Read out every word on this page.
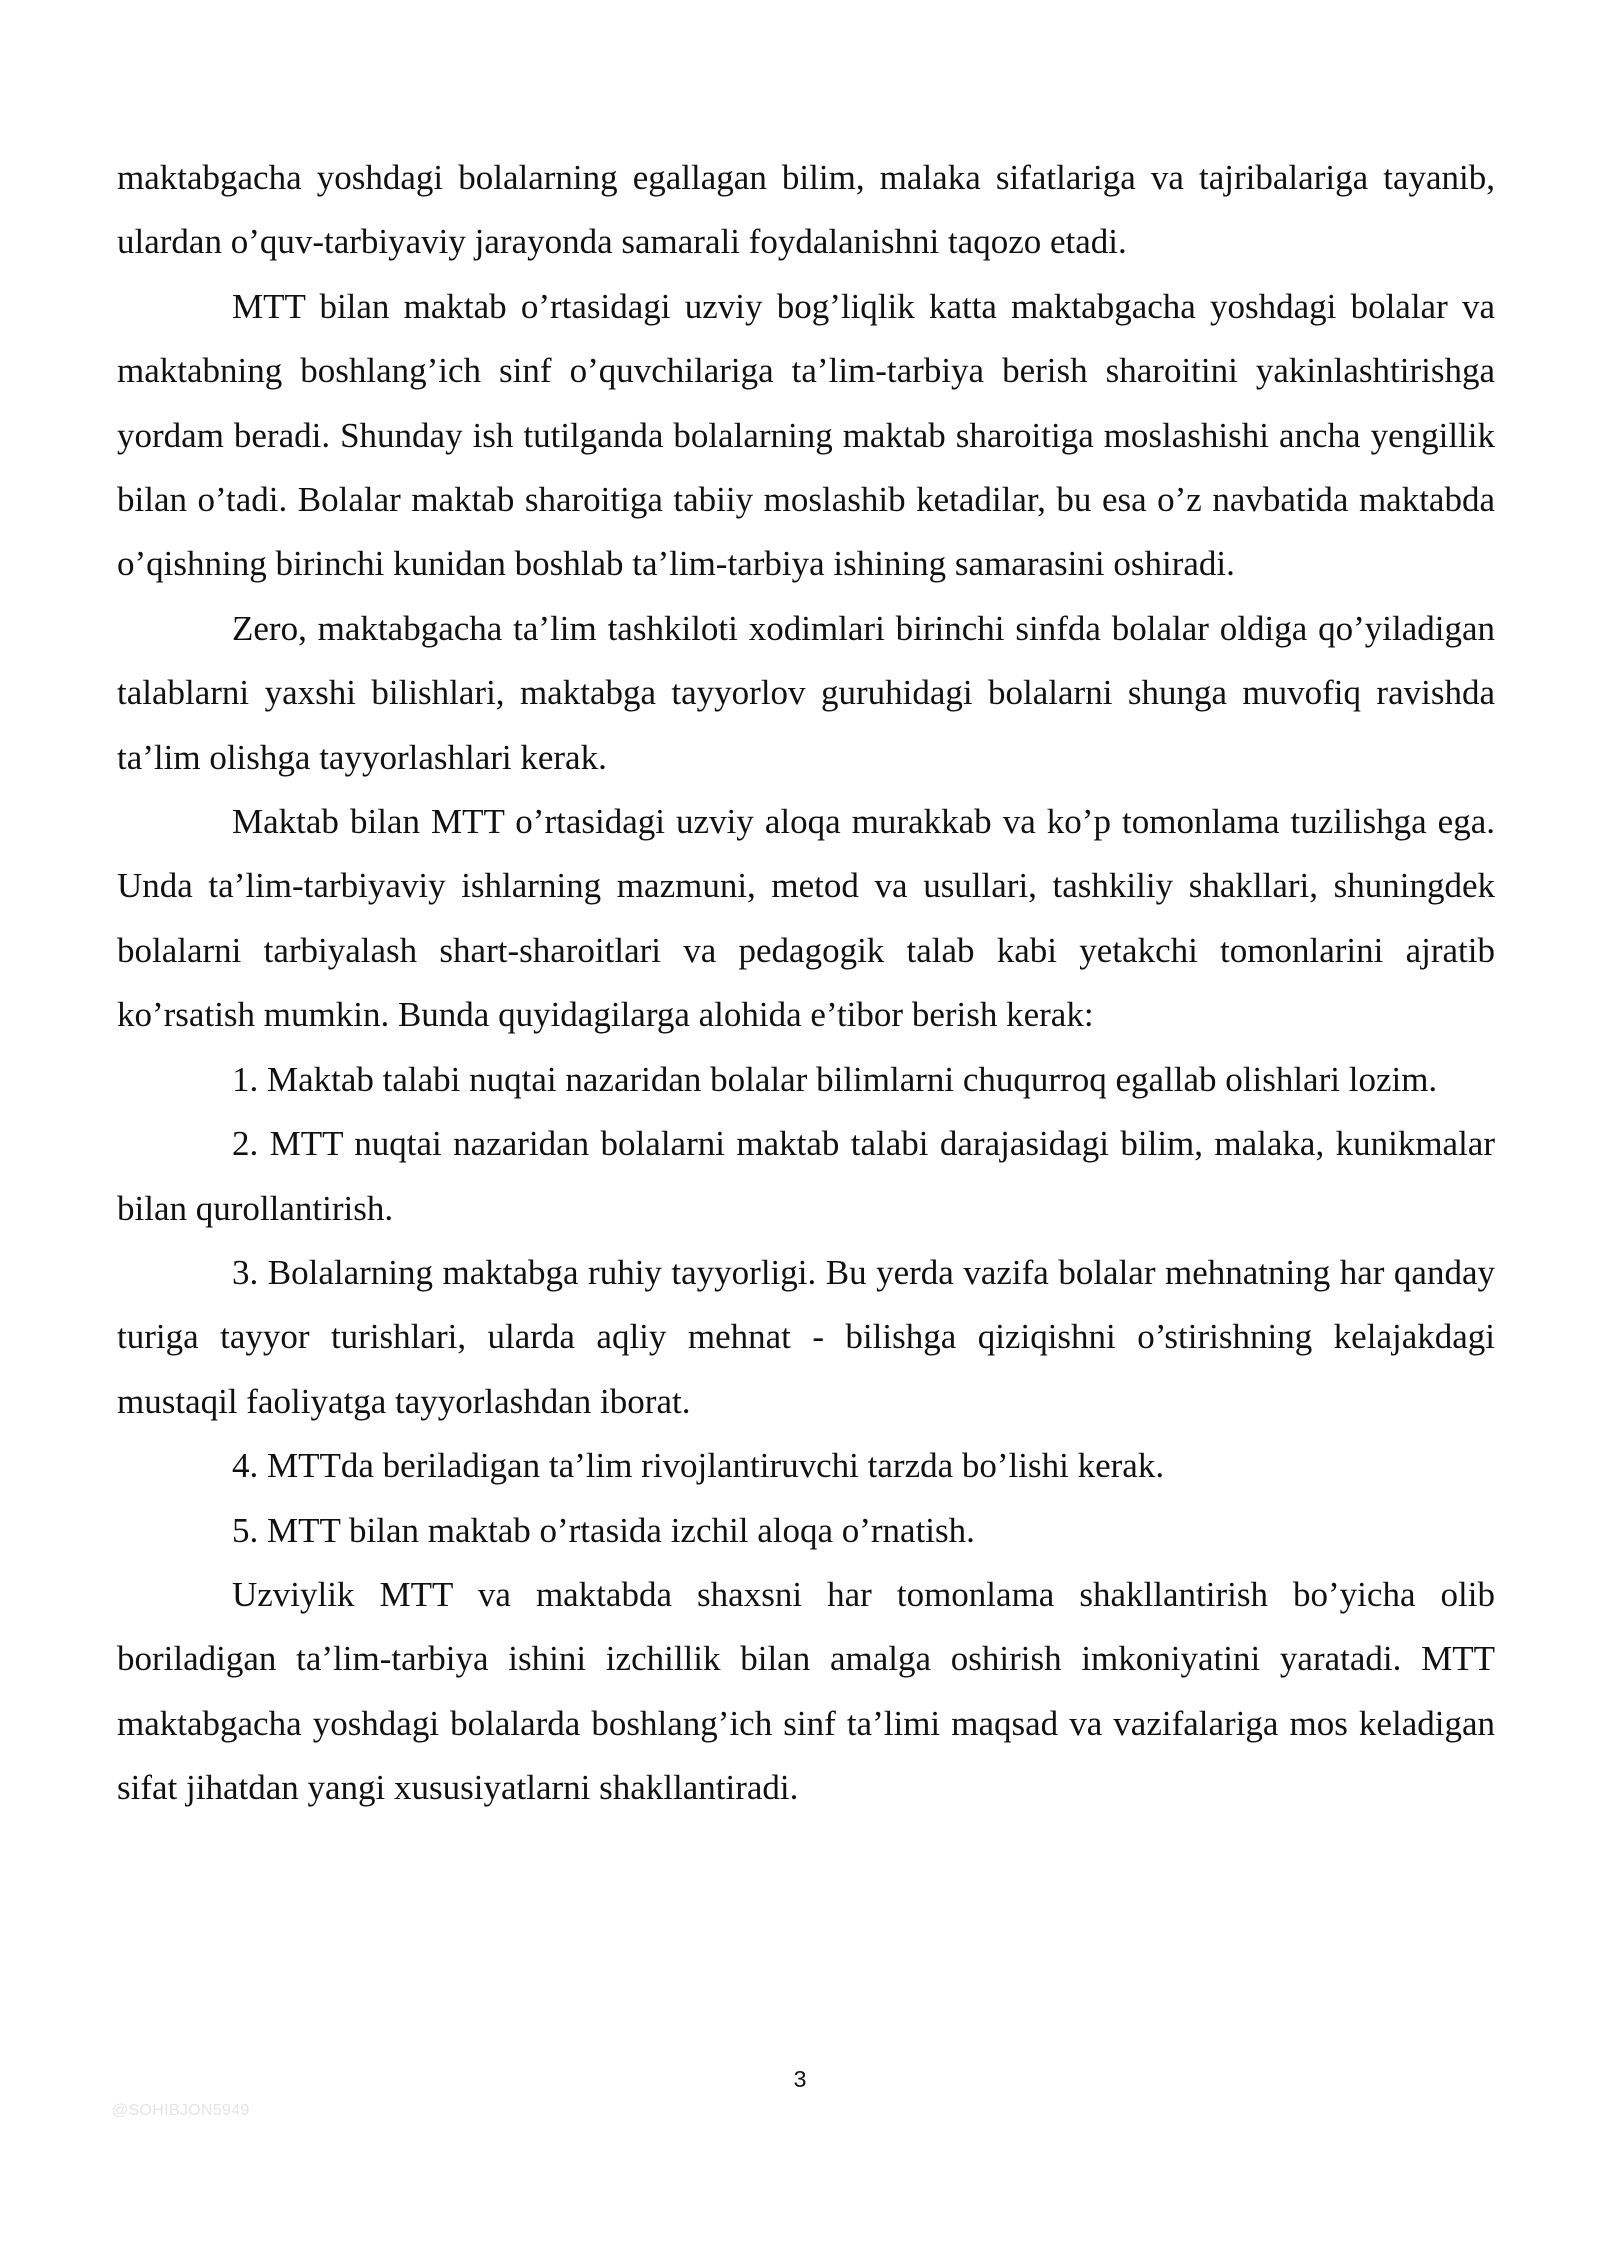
maktabgacha yoshdagi bolalarning egallagan bilim, malaka sifatlariga va tajribalariga tayanib, ulardan o’quv-tarbiyaviy jarayonda samarali foydalanishni taqozo etadi.

MTT bilan maktab o’rtasidagi uzviy bog’liqlik katta maktabgacha yoshdagi bolalar va maktabning boshlang’ich sinf o’quvchilariga ta’lim-tarbiya berish sharoitini yakinlashtirishga yordam beradi. Shunday ish tutilganda bolalarning maktab sharoitiga moslashishi ancha yengillik bilan o’tadi. Bolalar maktab sharoitiga tabiiy moslashib ketadilar, bu esa o’z navbatida maktabda o’qishning birinchi kunidan boshlab ta’lim-tarbiya ishining samarasini oshiradi.

Zero, maktabgacha ta’lim tashkiloti xodimlari birinchi sinfda bolalar oldiga qo’yiladigan talablarni yaxshi bilishlari, maktabga tayyorlov guruhidagi bolalarni shunga muvofiq ravishda ta’lim olishga tayyorlashlari kerak.

Maktab bilan MTT o’rtasidagi uzviy aloqa murakkab va ko’p tomonlama tuzilishga ega. Unda ta’lim-tarbiyaviy ishlarning mazmuni, metod va usullari, tashkiliy shakllari, shuningdek bolalarni tarbiyalash shart-sharoitlari va pedagogik talab kabi yetakchi tomonlarini ajratib ko’rsatish mumkin. Bunda quyidagilarga alohida e’tibor berish kerak:

1. Maktab talabi nuqtai nazaridan bolalar bilimlarni chuqurroq egallab olishlari lozim.

2. MTT nuqtai nazaridan bolalarni maktab talabi darajasidagi bilim, malaka, kunikmalar bilan qurollantirish.

3. Bolalarning maktabga ruhiy tayyorligi. Bu yerda vazifa bolalar mehnatning har qanday turiga tayyor turishlari, ularda aqliy mehnat - bilishga qiziqishni o’stirishning kelajakdagi mustaqil faoliyatga tayyorlashdan iborat.

4. MTTda beriladigan ta’lim rivojlantiruvchi tarzda bo’lishi kerak.

5. MTT bilan maktab o’rtasida izchil aloqa o’rnatish.

Uzviylik MTT va maktabda shaxsni har tomonlama shakllantirish bo’yicha olib boriladigan ta’lim-tarbiya ishini izchillik bilan amalga oshirish imkoniyatini yaratadi. MTT maktabgacha yoshdagi bolalarda boshlang’ich sinf ta’limi maqsad va vazifalariga mos keladigan sifat jihatdan yangi xususiyatlarni shakllantiradi.

3
@SOHIBJON5949
